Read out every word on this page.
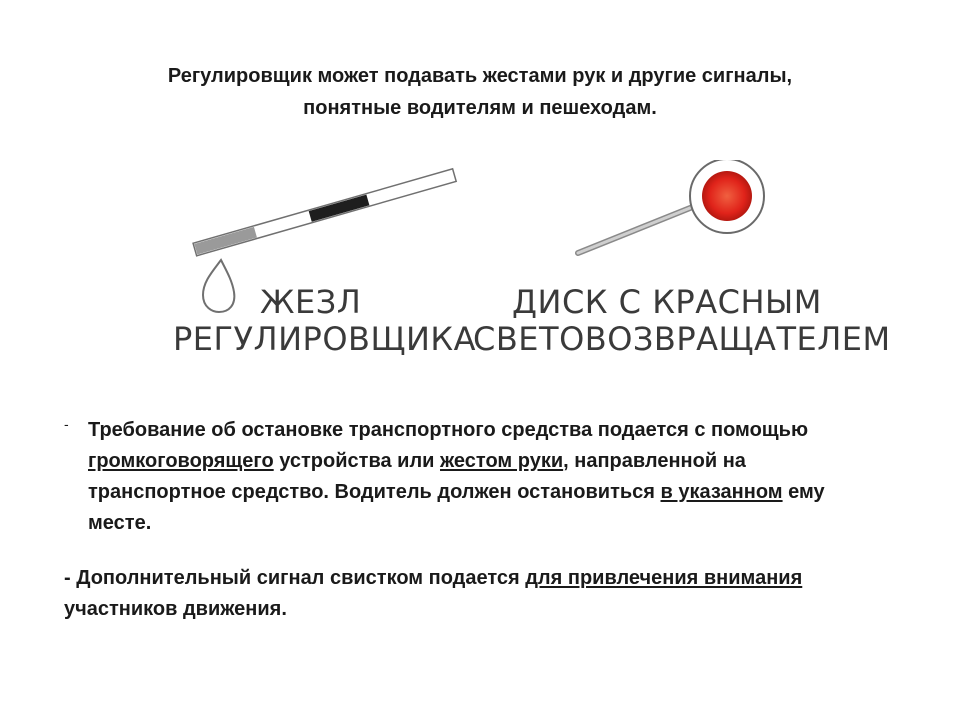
Регулировщик может подавать жестами рук и другие сигналы,
понятные водителям и пешеходам.
ЖЕЗЛ
РЕГУЛИРОВЩИКА
ДИСК С КРАСНЫМ
СВЕТОВОЗВРАЩАТЕЛЕМ
- Требование об остановке транспортного средства подается с помощью громкоговорящего устройства или жестом руки, направленной на транспортное средство. Водитель должен остановиться в указанном ему месте.
- Дополнительный сигнал свистком подается для привлечения внимания участников движения.
